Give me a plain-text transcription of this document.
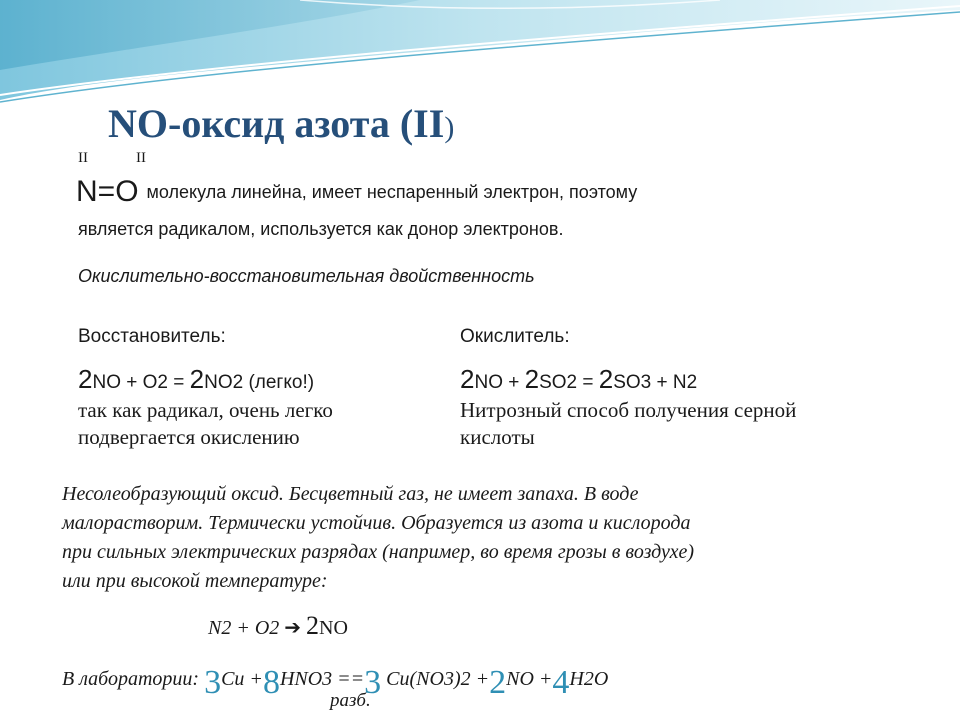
NO-оксид азота (II)
II	II
N=O молекула линейна, имеет неспаренный электрон, поэтому
является радикалом, используется как донор электронов.
Окислительно-восстановительная двойственность
Восстановитель:
2NO + O2 = 2NO2 (легко!)
так как радикал, очень легко
подвергается окислению
Окислитель:
2NO + 2SO2 = 2SO3 + N2
Нитрозный способ получения серной
кислоты
Несолеобразующий оксид. Бесцветный газ, не имеет запаха. В воде
малорастворим. Термически устойчив. Образуется из азота и кислорода
при сильных электрических разрядах (например, во время грозы в воздухе)
или при высокой температуре:
N2 + O2 ➔ 2NO
В лаборатории: 3Cu +8HNO3 ==3 Cu(NO3)2 +2NO +4H2O
разб.
